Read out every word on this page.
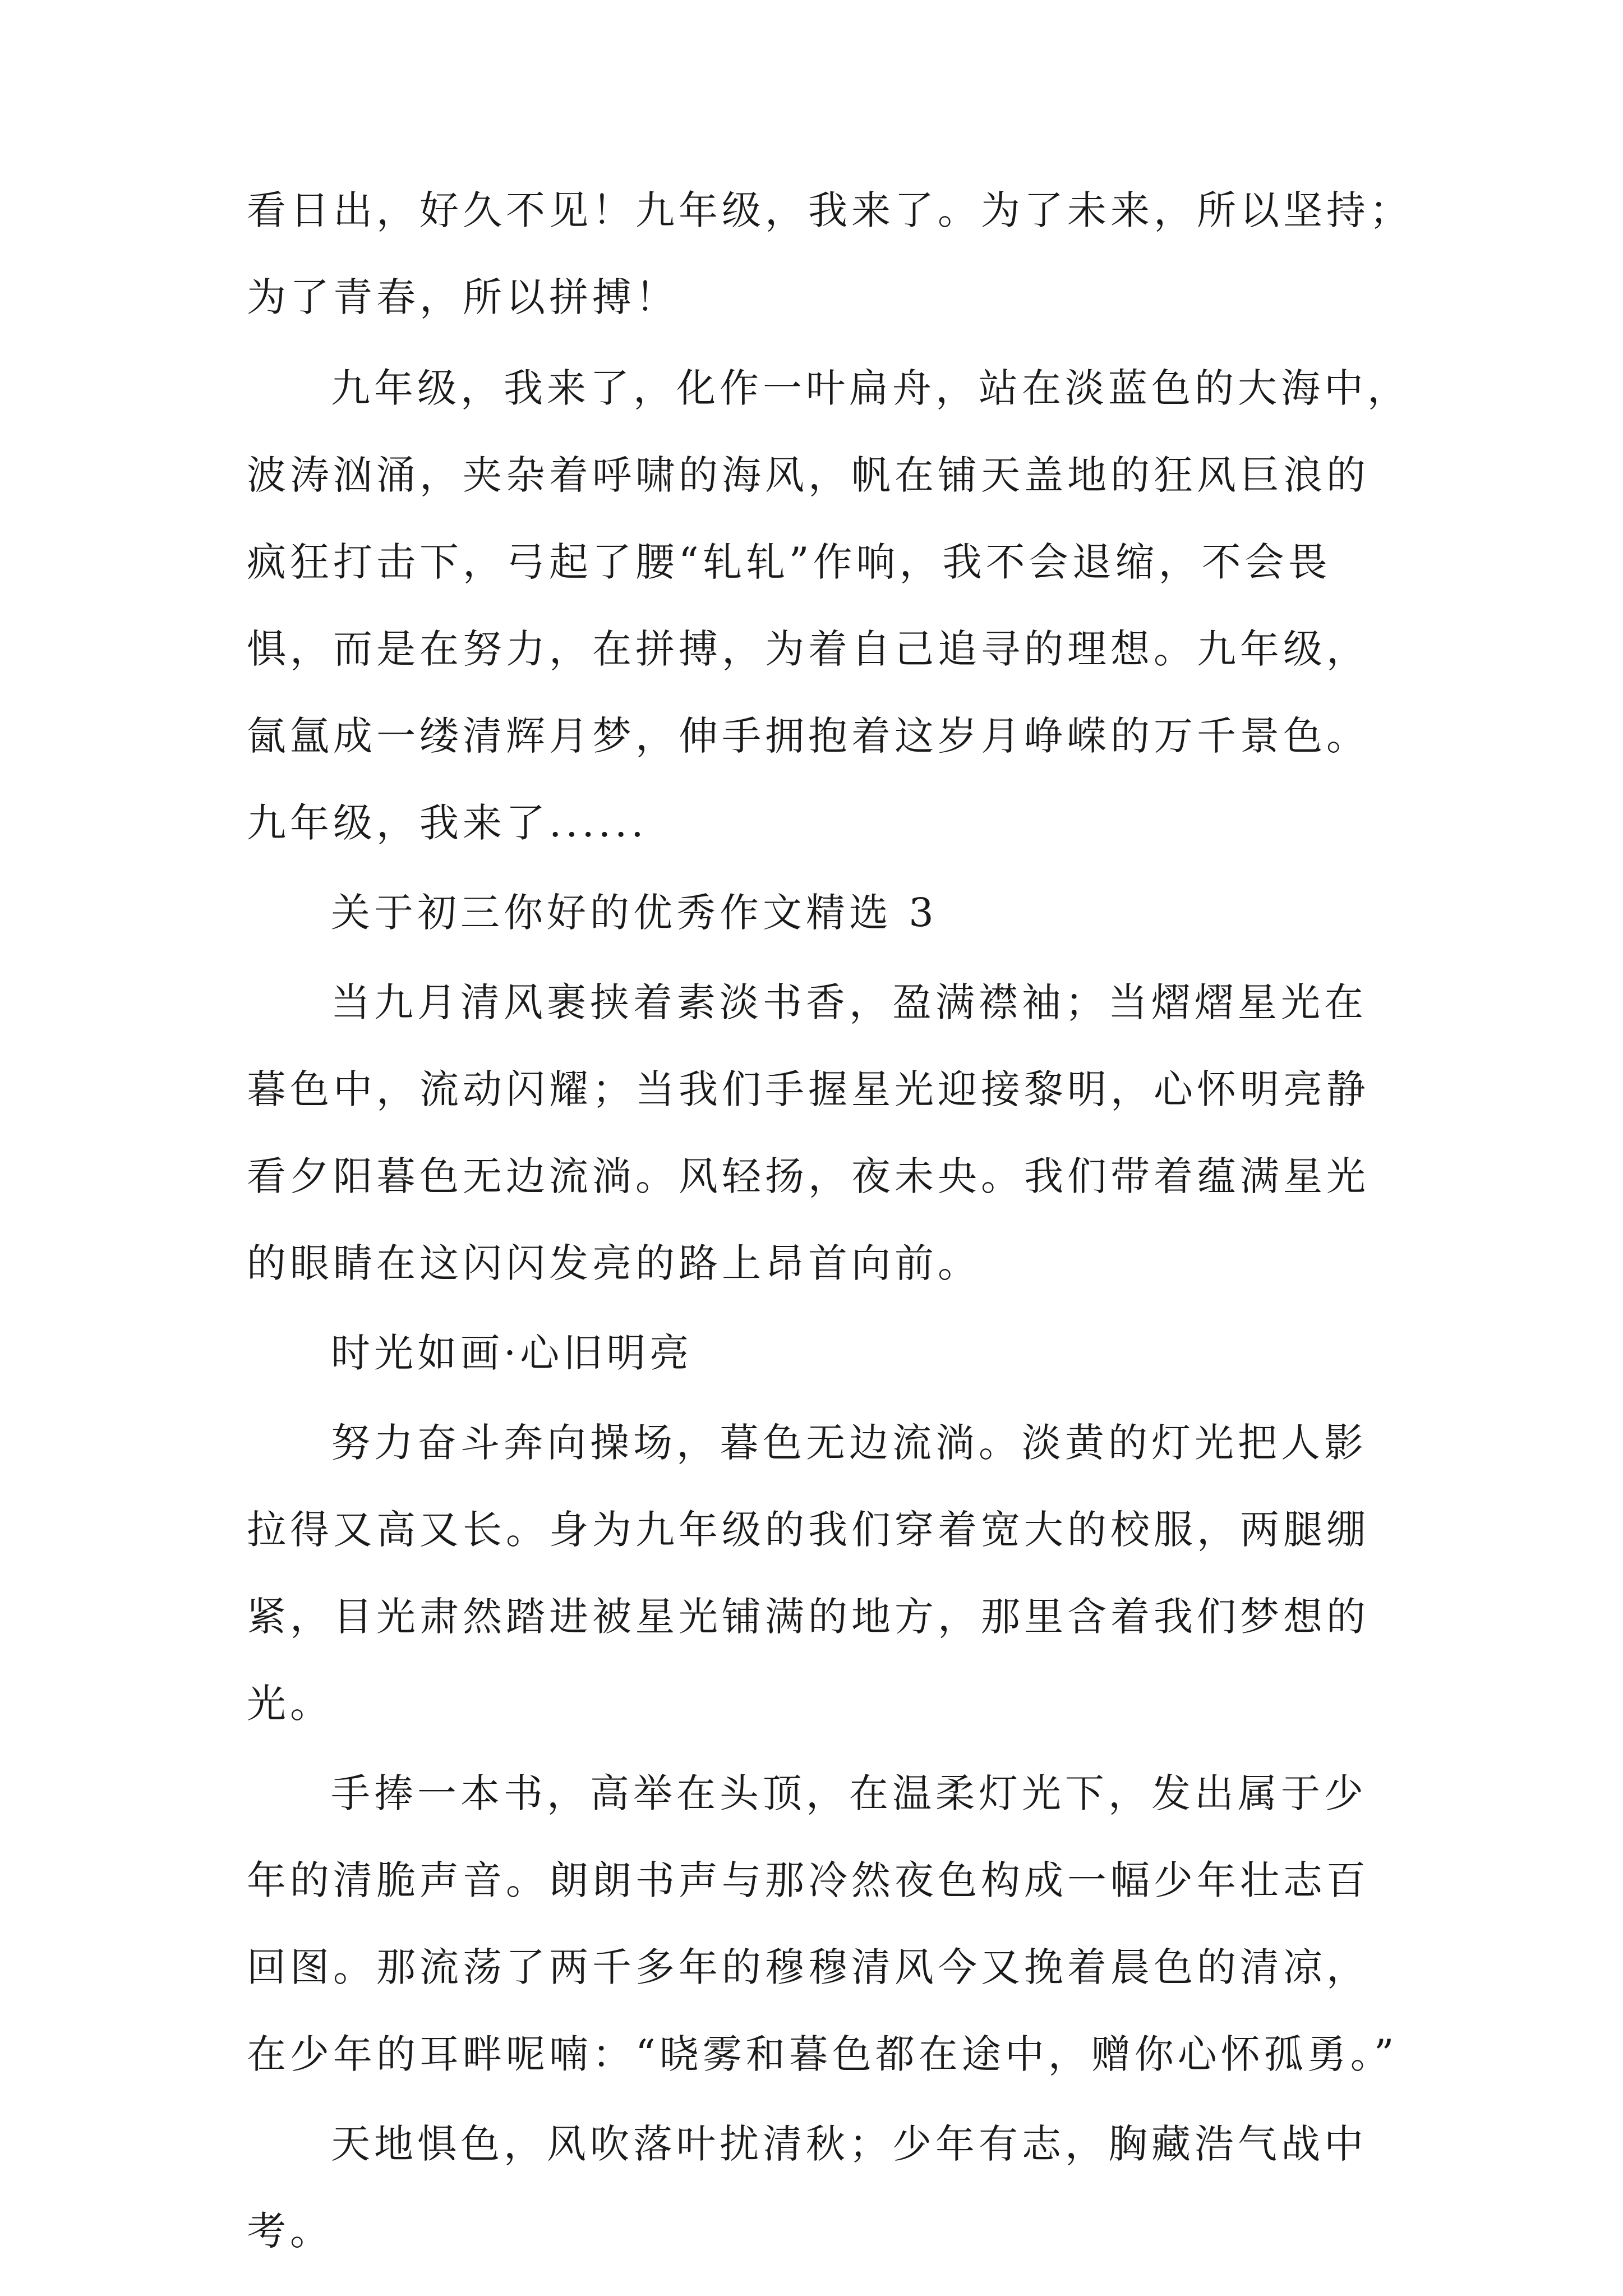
看日出，好久不见！九年级，我来了。为了未来，所以坚持；
为了青春，所以拼搏！
九年级，我来了，化作一叶扁舟，站在淡蓝色的大海中，
波涛汹涌，夹杂着呼啸的海风，帆在铺天盖地的狂风巨浪的
疯狂打击下，弓起了腰“轧轧”作响，我不会退缩，不会畏
惧，而是在努力，在拼搏，为着自己追寻的理想。九年级，
氤氲成一缕清辉月梦，伸手拥抱着这岁月峥嵘的万千景色。
九年级，我来了......
关于初三你好的优秀作文精选 3
当九月清风裹挟着素淡书香，盈满襟袖；当熠熠星光在
暮色中，流动闪耀；当我们手握星光迎接黎明，心怀明亮静
看夕阳暮色无边流淌。风轻扬，夜未央。我们带着蕴满星光
的眼睛在这闪闪发亮的路上昂首向前。
时光如画·心旧明亮
努力奋斗奔向操场，暮色无边流淌。淡黄的灯光把人影
拉得又高又长。身为九年级的我们穿着宽大的校服，两腿绷
紧，目光肃然踏进被星光铺满的地方，那里含着我们梦想的
光。
手捧一本书，高举在头顶，在温柔灯光下，发出属于少
年的清脆声音。朗朗书声与那冷然夜色构成一幅少年壮志百
回图。那流荡了两千多年的穆穆清风今又挽着晨色的清凉，
在少年的耳畔呢喃：“晓雾和暮色都在途中，赠你心怀孤勇。”
天地惧色，风吹落叶扰清秋；少年有志，胸藏浩气战中
考。
